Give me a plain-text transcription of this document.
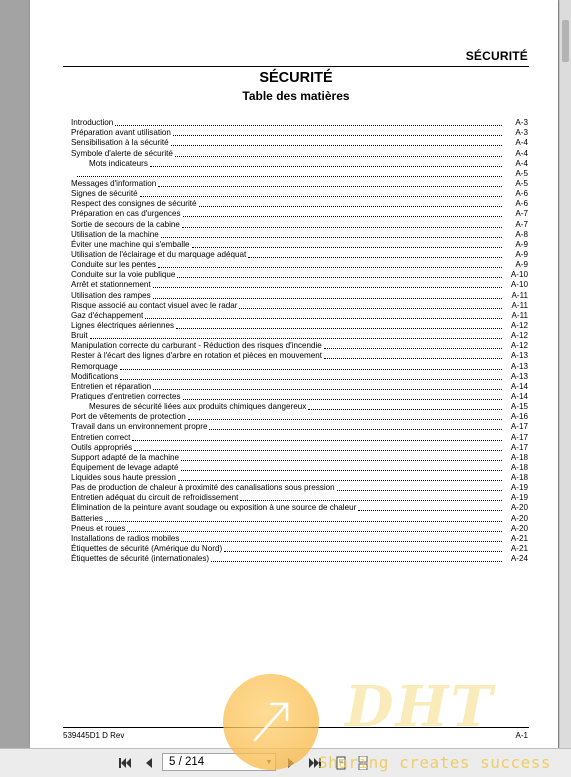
SÉCURITÉ
SÉCURITÉ
Table des matières
Introduction	A-3
Préparation avant utilisation	A-3
Sensibilisation à la sécurité	A-4
Symbole d'alerte de sécurité	A-4
Mots indicateurs	A-4
A-5
Messages d'information	A-5
Signes de sécurité	A-6
Respect des consignes de sécurité	A-6
Préparation en cas d'urgences	A-7
Sortie de secours de la cabine	A-7
Utilisation de la machine	A-8
Éviter une machine qui s'emballe	A-9
Utilisation de l'éclairage et du marquage adéquat	A-9
Conduite sur les pentes	A-9
Conduite sur la voie publique	A-10
Arrêt et stationnement	A-10
Utilisation des rampes	A-11
Risque associé au contact visuel avec le radar	A-11
Gaz d'échappement	A-11
Lignes électriques aériennes	A-12
Bruit	A-12
Manipulation correcte du carburant - Réduction des risques d'incendie	A-12
Rester à l'écart des lignes d'arbre en rotation et pièces en mouvement	A-13
Remorquage	A-13
Modifications	A-13
Entretien et réparation	A-14
Pratiques d'entretien correctes	A-14
Mesures de sécurité liées aux produits chimiques dangereux	A-15
Port de vêtements de protection	A-16
Travail dans un environnement propre	A-17
Entretien correct	A-17
Outils appropriés	A-17
Support adapté de la machine	A-18
Équipement de levage adapté	A-18
Liquides sous haute pression	A-18
Pas de production de chaleur à proximité des canalisations sous pression	A-19
Entretien adéquat du circuit de refroidissement	A-19
Élimination de la peinture avant soudage ou exposition à une source de chaleur	A-20
Batteries	A-20
Pneus et roues	A-20
Installations de radios mobiles	A-21
Étiquettes de sécurité (Amérique du Nord)	A-21
Étiquettes de sécurité (internationales)	A-24
539445D1 D Rev	A-1
5 / 214
DHT
Sharing creates success
